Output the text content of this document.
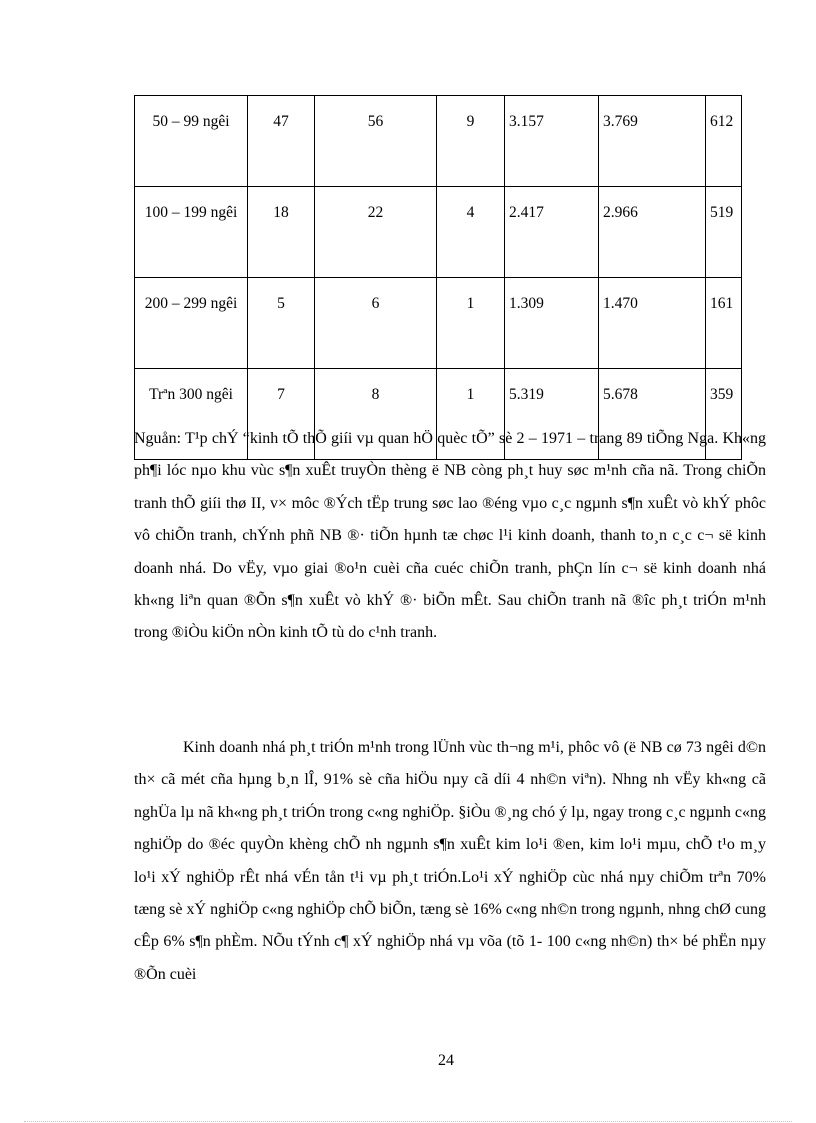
50 – 99 ngêi	47	56	9	3.157	3.769	612
100 – 199 ngêi	18	22	4	2.417	2.966	519
200 – 299 ngêi	5	6	1	1.309	1.470	161
Trªn 300 ngêi	7	8	1	5.319	5.678	359

Nguån: T¹p chÝ “kinh tÕ thÕ giíi vµ quan hÖ quèc tÕ” sè 2 – 1971 – trang 89 tiÕng Nga. Kh«ng ph¶i lóc nµo khu vùc s¶n xuÊt truyÒn thèng ë NB còng ph¸t huy søc m¹nh cña nã. Trong chiÕn tranh thÕ giíi thø II, v× môc ®Ých tËp trung søc lao ®éng vµo c¸c ngµnh s¶n xuÊt vò khÝ phôc vô chiÕn tranh, chÝnh phñ NB ®· tiÕn hµnh tæ chøc l¹i kinh doanh, thanh to¸n c¸c c¬ së kinh doanh nhá. Do vËy, vµo giai ®o¹n cuèi cña cuéc chiÕn tranh, phÇn lín c¬ së kinh doanh nhá kh«ng liªn quan ®Õn s¶n xuÊt vò khÝ ®· biÕn mÊt. Sau chiÕn tranh nã ®îc ph¸t triÓn m¹nh trong ®iÒu kiÖn nÒn kinh tÕ tù do c¹nh tranh.

Kinh doanh nhá ph¸t triÓn m¹nh trong lÜnh vùc th¬ng m¹i, phôc vô (ë NB cø 73 ngêi d©n th× cã mét cña hµng b¸n lÎ, 91% sè cña hiÖu nµy cã díi 4 nh©n viªn). Nhng nh vËy kh«ng cã nghÜa lµ nã kh«ng ph¸t triÓn trong c«ng nghiÖp. §iÒu ®¸ng chó ý lµ, ngay trong c¸c ngµnh c«ng nghiÖp do ®éc quyÒn khèng chÕ nh ngµnh s¶n xuÊt kim lo¹i ®en, kim lo¹i mµu, chÕ t¹o m¸y lo¹i xÝ nghiÖp rÊt nhá vÉn tån t¹i vµ ph¸t triÓn.Lo¹i xÝ nghiÖp cùc nhá nµy chiÕm trªn 70% tæng sè xÝ nghiÖp c«ng nghiÖp chÕ biÕn, tæng sè 16% c«ng nh©n trong ngµnh, nhng chØ cung cÊp 6% s¶n phÈm. NÕu tÝnh c¶ xÝ nghiÖp nhá vµ võa (tõ 1- 100 c«ng nh©n) th× bé phËn nµy ®Õn cuèi

24
